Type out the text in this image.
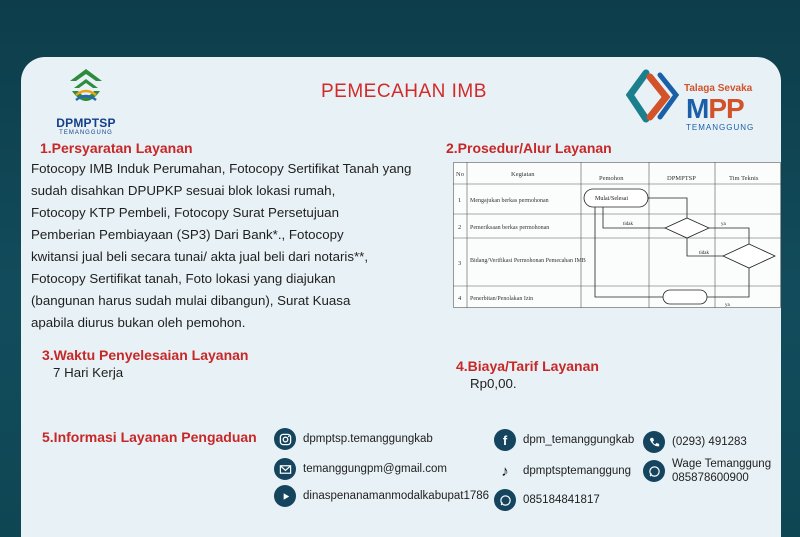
DPMPTSP
TEMANGGUNG
PEMECAHAN IMB	Talaga Sevaka
MPP
TEMANGGUNG
1.Persyaratan Layanan
Fotocopy IMB Induk Perumahan, Fotocopy Sertifikat Tanah yang
sudah disahkan DPUPKP sesuai blok lokasi rumah,
Fotocopy KTP Pembeli, Fotocopy Surat Persetujuan
Pemberian Pembiayaan (SP3) Dari Bank*., Fotocopy
kwitansi jual beli secara tunai/ akta jual beli dari notaris**,
Fotocopy Sertifikat tanah, Foto lokasi yang diajukan
(bangunan harus sudah mulai dibangun), Surat Kuasa
apabila diurus bukan oleh pemohon.
2.Prosedur/Alur Layanan
No	Kegiatan
Pemohon	DPMPTSP	Tim Teknis
1 Mengajukan berkas permohonan
2 Pemeriksaan berkas permohonan
3 Bidang/Verifikasi Permohonan Pemecahan IMB
4 Penerbitan/Penolakan Izin
Mulai/Selesai
tidak	ya
tidak
ya
3.Waktu Penyelesaian Layanan
7 Hari Kerja	4.Biaya/Tarif Layanan
Rp0,00.
5.Informasi Layanan Pengaduan	dpmptsp.temanggungkab
temanggungpm@gmail.com
dinaspenanamanmodalkabupat1786
f	dpm_temanggungkab
♪	dpmptsptemanggung
085184841817
(0293) 491283
Wage Temanggung
085878600900
